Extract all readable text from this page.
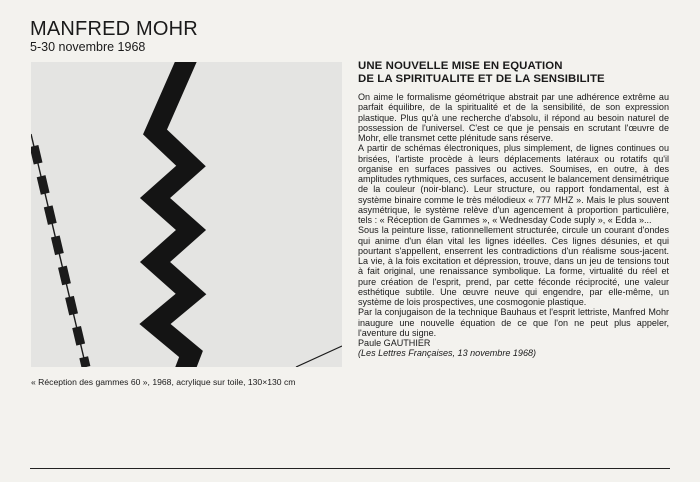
MANFRED MOHR
5-30 novembre 1968
« Réception des gammes 60 », 1968, acrylique sur toile, 130×130 cm
UNE NOUVELLE MISE EN EQUATION
DE LA SPIRITUALITE ET DE LA SENSIBILITE

On aime le formalisme géométrique abstrait par une adhérence extrême au parfait équilibre, de la spiritualité et de la sensibilité, de son expression plastique. Plus qu'à une recherche d'absolu, il répond au besoin naturel de possession de l'universel. C'est ce que je pensais en scrutant l'œuvre de Mohr, elle transmet cette plénitude sans réserve.

A partir de schémas électroniques, plus simplement, de lignes continues ou brisées, l'artiste procède à leurs déplacements latéraux ou rotatifs qu'il organise en surfaces passives ou actives. Soumises, en outre, à des amplitudes rythmiques, ces surfaces, accusent le balancement densimétrique de la couleur (noir-blanc). Leur structure, ou rapport fondamental, est à système binaire comme le très mélodieux « 777 MHZ ». Mais le plus souvent asymétrique, le système relève d'un agencement à proportion particulière, tels : « Réception de Gammes », « Wednesday Code suply », « Edda »...

Sous la peinture lisse, rationnellement structurée, circule un courant d'ondes qui anime d'un élan vital les lignes idéelles. Ces lignes désunies, et qui pourtant s'appellent, enserrent les contradictions d'un réalisme sous-jacent. La vie, à la fois excitation et dépression, trouve, dans un jeu de tensions tout à fait original, une renaissance symbolique. La forme, virtualité du réel et pure création de l'esprit, prend, par cette féconde réciprocité, une valeur esthétique subtile. Une œuvre neuve qui engendre, par elle-même, un système de lois prospectives, une cosmogonie plastique.

Par la conjugaison de la technique Bauhaus et l'esprit lettriste, Manfred Mohr inaugure une nouvelle équation de ce que l'on ne peut plus appeler, l'aventure du signe.

Paule GAUTHIER

(Les Lettres Françaises, 13 novembre 1968)
